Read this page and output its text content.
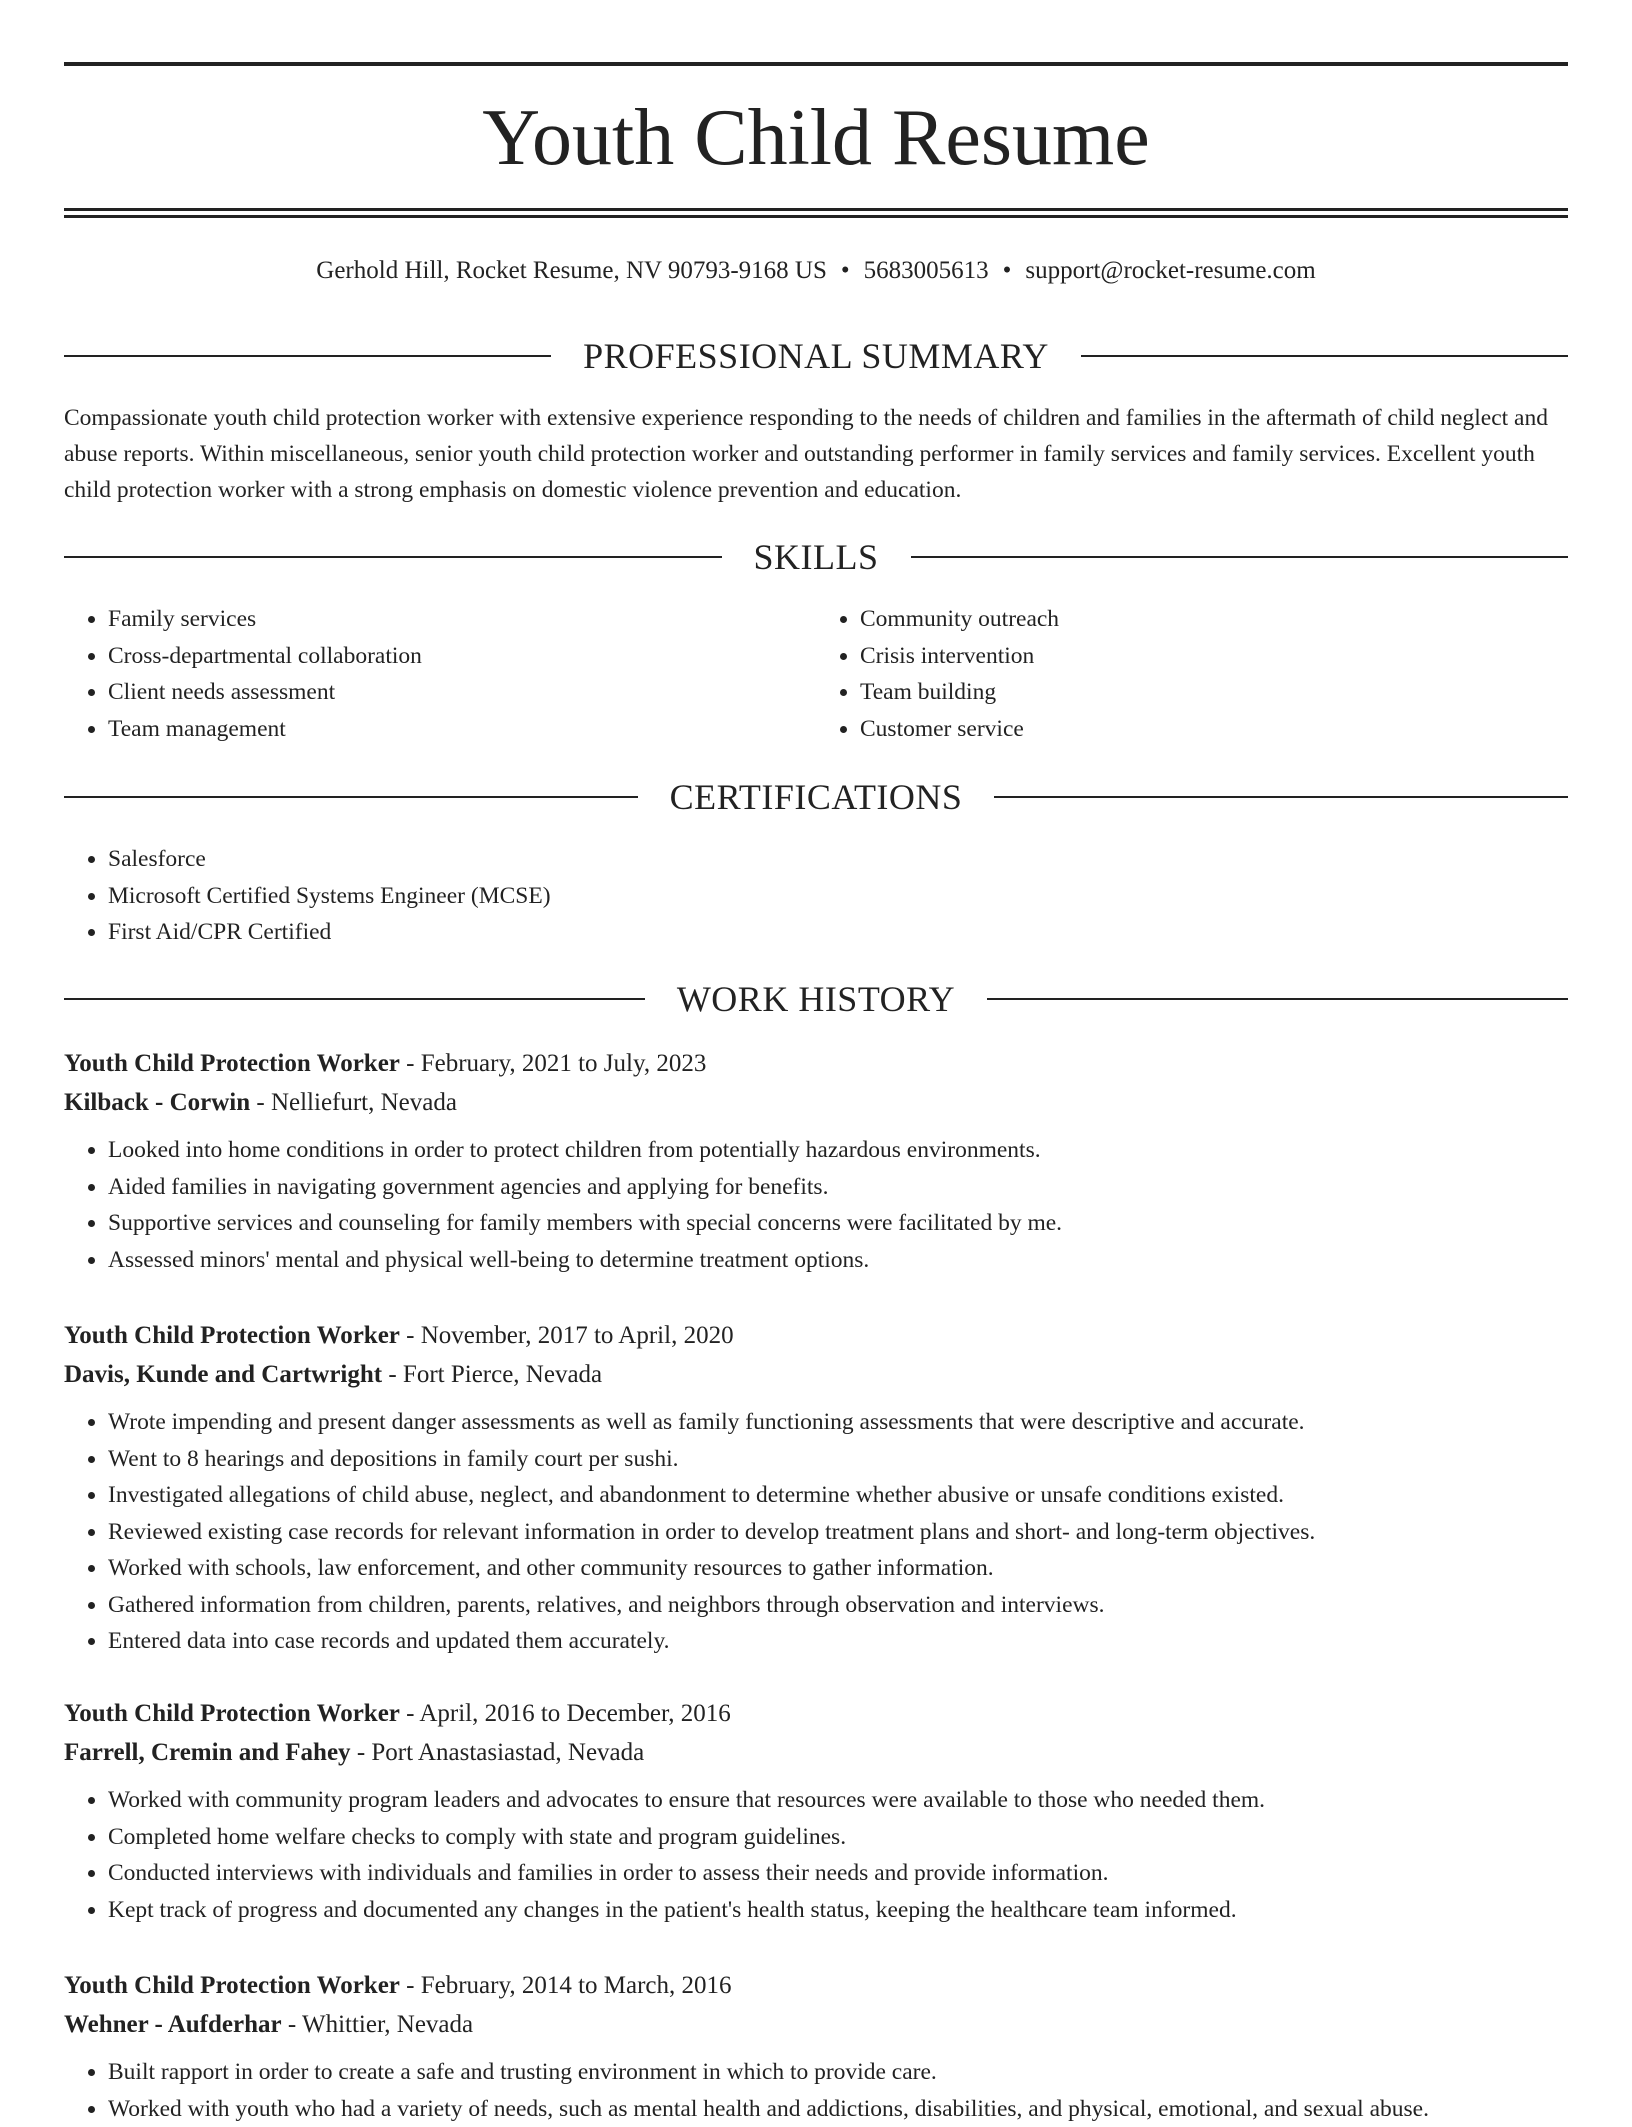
Youth Child Resume
Gerhold Hill, Rocket Resume, NV 90793-9168 US • 5683005613 • support@rocket-resume.com
PROFESSIONAL SUMMARY

Compassionate youth child protection worker with extensive experience responding to the needs of children and families in the aftermath of child neglect and abuse reports. Within miscellaneous, senior youth child protection worker and outstanding performer in family services and family services. Excellent youth child protection worker with a strong emphasis on domestic violence prevention and education.

SKILLS
• Family services
• Cross-departmental collaboration
• Client needs assessment
• Team management
• Community outreach
• Crisis intervention
• Team building
• Customer service
CERTIFICATIONS
• Salesforce
• Microsoft Certified Systems Engineer (MCSE)
• First Aid/CPR Certified
WORK HISTORY
Youth Child Protection Worker - February, 2021 to July, 2023
Kilback - Corwin - Nelliefurt, Nevada
• Looked into home conditions in order to protect children from potentially hazardous environments.
• Aided families in navigating government agencies and applying for benefits.
• Supportive services and counseling for family members with special concerns were facilitated by me.
• Assessed minors' mental and physical well-being to determine treatment options.
Youth Child Protection Worker - November, 2017 to April, 2020
Davis, Kunde and Cartwright - Fort Pierce, Nevada
• Wrote impending and present danger assessments as well as family functioning assessments that were descriptive and accurate.
• Went to 8 hearings and depositions in family court per sushi.
• Investigated allegations of child abuse, neglect, and abandonment to determine whether abusive or unsafe conditions existed.
• Reviewed existing case records for relevant information in order to develop treatment plans and short- and long-term objectives.
• Worked with schools, law enforcement, and other community resources to gather information.
• Gathered information from children, parents, relatives, and neighbors through observation and interviews.
• Entered data into case records and updated them accurately.
Youth Child Protection Worker - April, 2016 to December, 2016
Farrell, Cremin and Fahey - Port Anastasiastad, Nevada
• Worked with community program leaders and advocates to ensure that resources were available to those who needed them.
• Completed home welfare checks to comply with state and program guidelines.
• Conducted interviews with individuals and families in order to assess their needs and provide information.
• Kept track of progress and documented any changes in the patient's health status, keeping the healthcare team informed.
Youth Child Protection Worker - February, 2014 to March, 2016
Wehner - Aufderhar - Whittier, Nevada
• Built rapport in order to create a safe and trusting environment in which to provide care.
• Worked with youth who had a variety of needs, such as mental health and addictions, disabilities, and physical, emotional, and sexual abuse.
